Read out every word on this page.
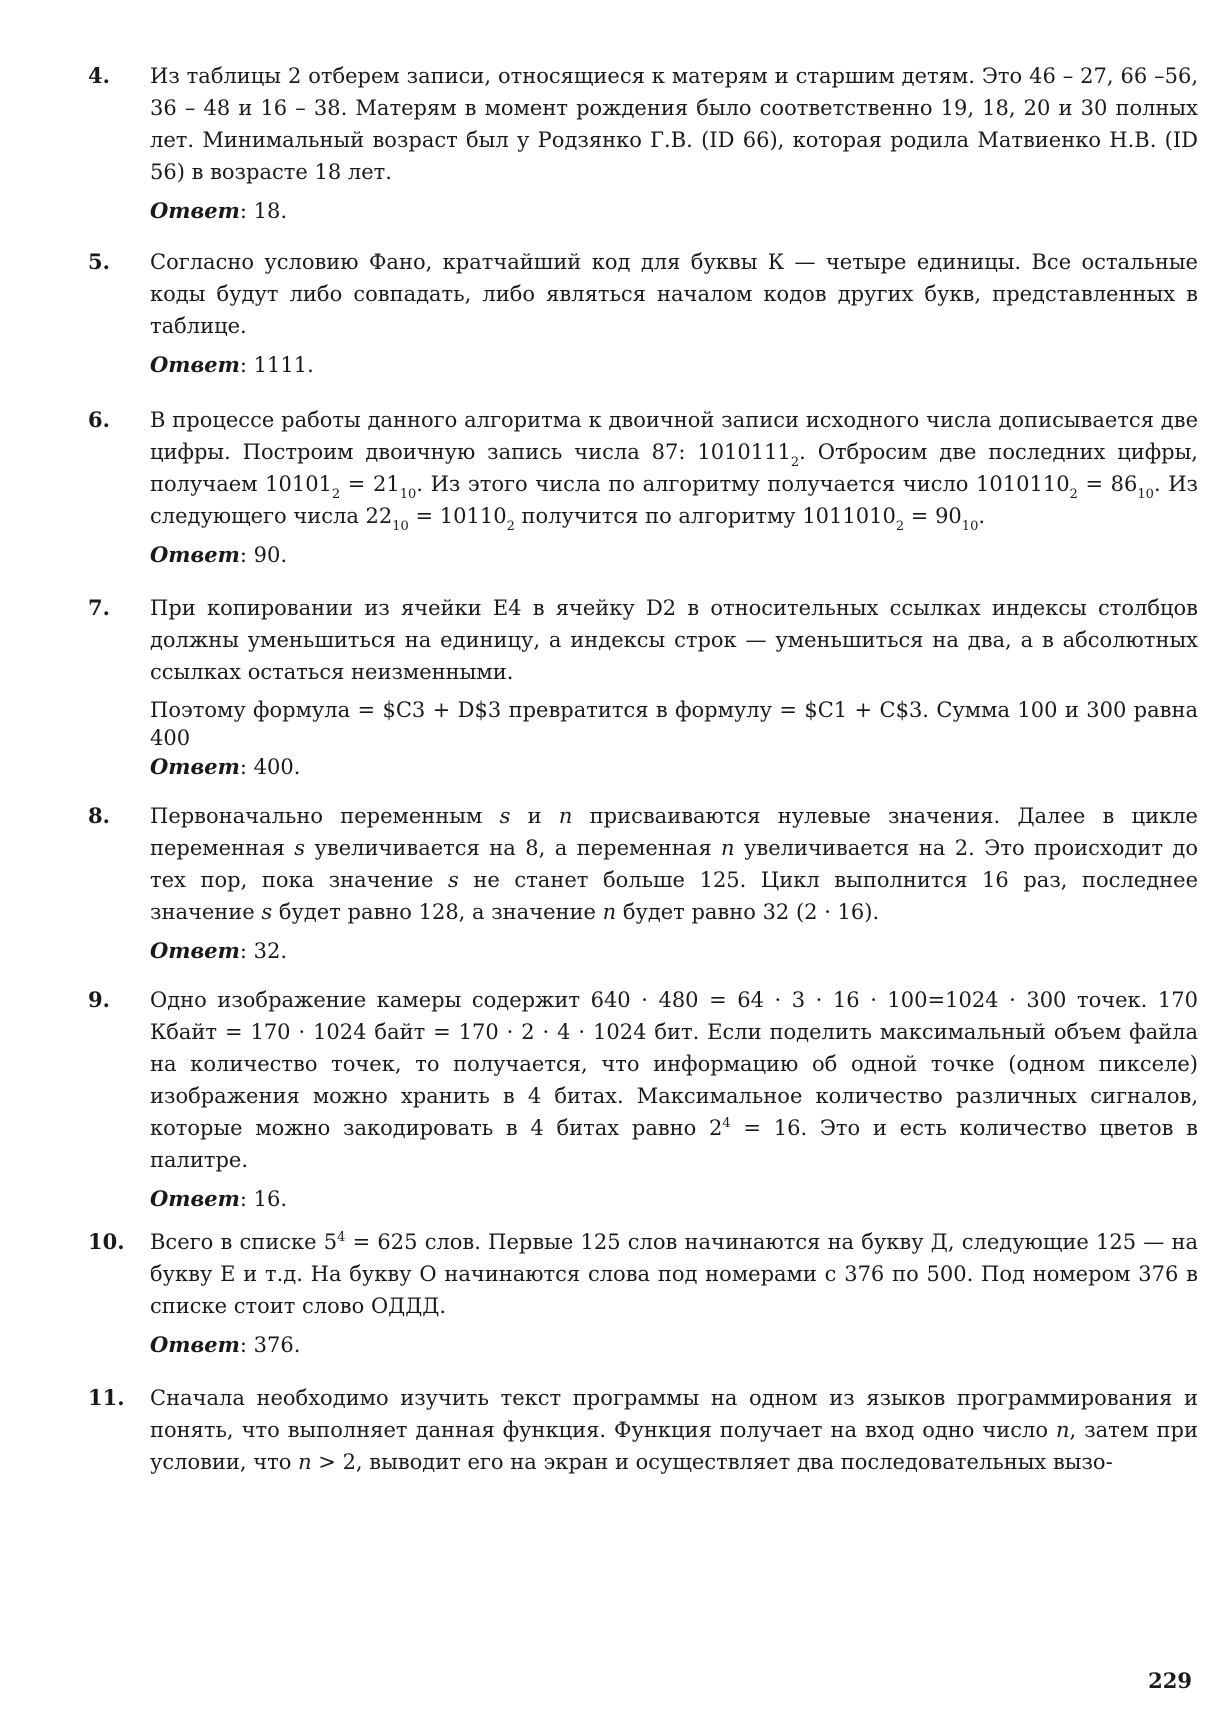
4.	Из таблицы 2 отберем записи, относящиеся к матерям и старшим детям. Это 46 – 27, 66 –56, 36 – 48 и 16 – 38. Матерям в момент рождения было соответственно 19, 18, 20 и 30 полных лет. Минимальный возраст был у Родзянко Г.В. (ID 66), которая родила Матвиенко Н.В. (ID 56) в возрасте 18 лет.
Ответ: 18.
5.	Согласно условию Фано, кратчайший код для буквы К — четыре единицы. Все остальные коды будут либо совпадать, либо являться началом кодов других букв, представленных в таблице.
Ответ: 1111.
6.	В процессе работы данного алгоритма к двоичной записи исходного числа дописывается две цифры. Построим двоичную запись числа 87: $1010111_2$. Отбросим две последних цифры, получаем $10101_2 = 21_{10}$. Из этого числа по алгоритму получается число $1010110_2 = 86_{10}$. Из следующего числа $22_{10} = 10110_2$ получится по алгоритму $1011010_2 = 90_{10}$.
Ответ: 90.
7.	При копировании из ячейки Е4 в ячейку D2 в относительных ссылках индексы столбцов должны уменьшиться на единицу, а индексы строк — уменьшиться на два, а в абсолютных ссылках остаться неизменными.
Поэтому формула = $С3 + D$3 превратится в формулу = $С1 + С$3. Сумма 100 и 300 равна 400
Ответ: 400.
8.	Первоначально переменным s и n присваиваются нулевые значения. Далее в цикле переменная s увеличивается на 8, а переменная n увеличивается на 2. Это происходит до тех пор, пока значение s не станет больше 125. Цикл выполнится 16 раз, последнее значение s будет равно 128, а значение n будет равно 32 (2 · 16).
Ответ: 32.
9.	Одно изображение камеры содержит 640 · 480 = 64 · 3 · 16 · 100=1024 · 300 точек. 170 Кбайт = 170 · 1024 байт = 170 · 2 · 4 · 1024 бит. Если поделить максимальный объем файла на количество точек, то получается, что информацию об одной точке (одном пикселе) изображения можно хранить в 4 битах. Максимальное количество различных сигналов, которые можно закодировать в 4 битах равно $2^4 = 16$. Это и есть количество цветов в палитре.
Ответ: 16.
10.	Всего в списке $5^4 = 625$ слов. Первые 125 слов начинаются на букву Д, следующие 125 — на букву Е и т.д. На букву О начинаются слова под номерами с 376 по 500. Под номером 376 в списке стоит слово ОДДД.
Ответ: 376.
11.	Сначала необходимо изучить текст программы на одном из языков программирования и понять, что выполняет данная функция. Функция получает на вход одно число n, затем при условии, что n > 2, выводит его на экран и осуществляет два последовательных вызо-
229
